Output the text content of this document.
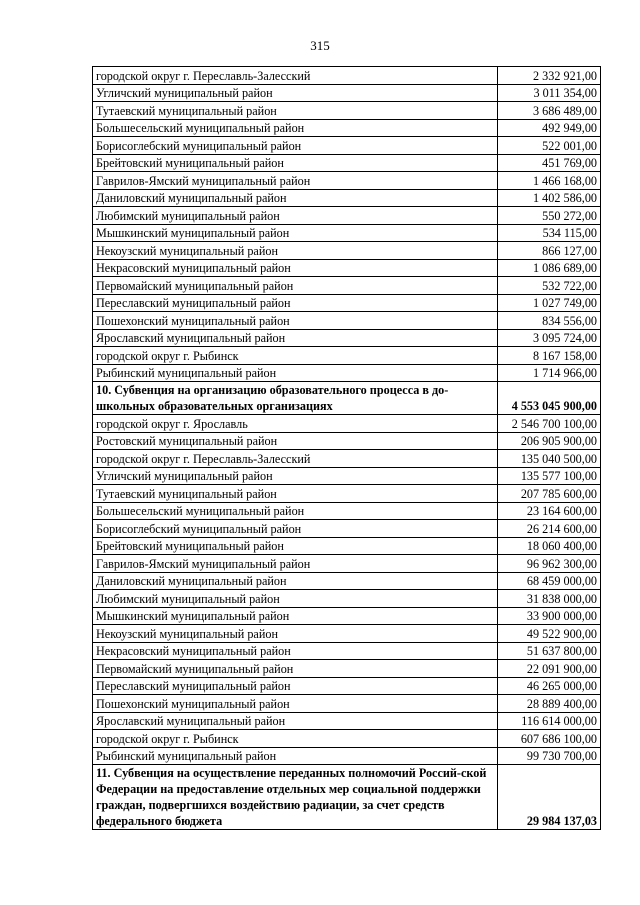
315
городской округ г. Переславль-Залесский	2 332 921,00
Угличский муниципальный район	3 011 354,00
Тутаевский муниципальный район	3 686 489,00
Большесельский муниципальный район	492 949,00
Борисоглебский муниципальный район	522 001,00
Брейтовский муниципальный район	451 769,00
Гаврилов-Ямский муниципальный район	1 466 168,00
Даниловский муниципальный район	1 402 586,00
Любимский муниципальный район	550 272,00
Мышкинский муниципальный район	534 115,00
Некоузский муниципальный район	866 127,00
Некрасовский муниципальный район	1 086 689,00
Первомайский муниципальный район	532 722,00
Переславский муниципальный район	1 027 749,00
Пошехонский муниципальный район	834 556,00
Ярославский муниципальный район	3 095 724,00
городской округ г. Рыбинск	8 167 158,00
Рыбинский муниципальный район	1 714 966,00
10. Субвенция на организацию образовательного процесса в до-школьных образовательных организациях	4 553 045 900,00
городской округ г. Ярославль	2 546 700 100,00
Ростовский муниципальный район	206 905 900,00
городской округ г. Переславль-Залесский	135 040 500,00
Угличский муниципальный район	135 577 100,00
Тутаевский муниципальный район	207 785 600,00
Большесельский муниципальный район	23 164 600,00
Борисоглебский муниципальный район	26 214 600,00
Брейтовский муниципальный район	18 060 400,00
Гаврилов-Ямский муниципальный район	96 962 300,00
Даниловский муниципальный район	68 459 000,00
Любимский муниципальный район	31 838 000,00
Мышкинский муниципальный район	33 900 000,00
Некоузский муниципальный район	49 522 900,00
Некрасовский муниципальный район	51 637 800,00
Первомайский муниципальный район	22 091 900,00
Переславский муниципальный район	46 265 000,00
Пошехонский муниципальный район	28 889 400,00
Ярославский муниципальный район	116 614 000,00
городской округ г. Рыбинск	607 686 100,00
Рыбинский муниципальный район	99 730 700,00
11. Субвенция на осуществление переданных полномочий Россий-ской Федерации на предоставление отдельных мер социальной поддержки граждан, подвергшихся воздействию радиации, за счет средств федерального бюджета	29 984 137,03
